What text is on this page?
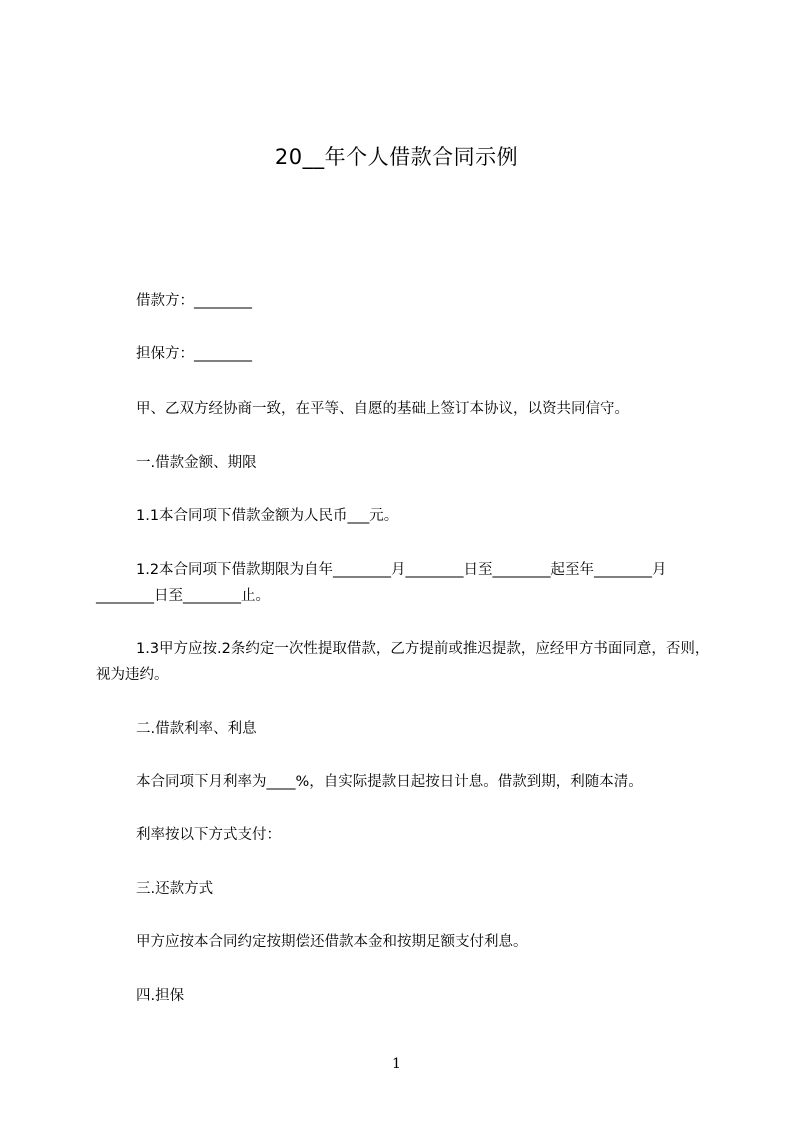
20__年个人借款合同示例

借款方：________

担保方：________

甲、乙双方经协商一致，在平等、自愿的基础上签订本协议，以资共同信守。

一.借款金额、期限

1.1本合同项下借款金额为人民币___元。

1.2本合同项下借款期限为自年________月________日至________起至年________月________日至________止。

1.3甲方应按.2条约定一次性提取借款，乙方提前或推迟提款，应经甲方书面同意，否则，视为违约。

二.借款利率、利息

本合同项下月利率为____%，自实际提款日起按日计息。借款到期，利随本清。

利率按以下方式支付：

三.还款方式

甲方应按本合同约定按期偿还借款本金和按期足额支付利息。

四.担保

1
